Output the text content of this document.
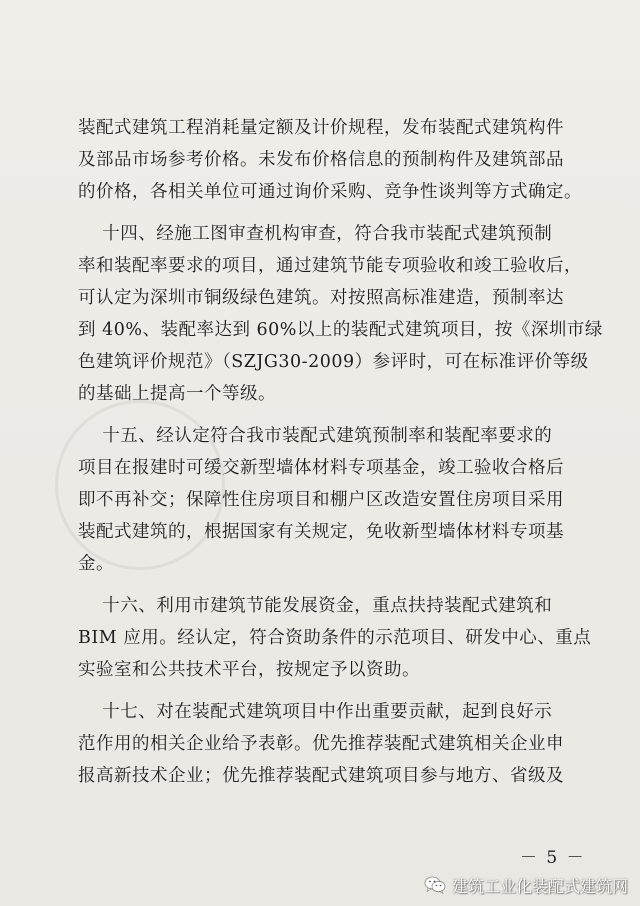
装配式建筑工程消耗量定额及计价规程，发布装配式建筑构件
及部品市场参考价格。未发布价格信息的预制构件及建筑部品
的价格，各相关单位可通过询价采购、竞争性谈判等方式确定。
十四、经施工图审查机构审查，符合我市装配式建筑预制
率和装配率要求的项目，通过建筑节能专项验收和竣工验收后，
可认定为深圳市铜级绿色建筑。对按照高标准建造，预制率达
到 40%、装配率达到 60%以上的装配式建筑项目，按《深圳市绿
色建筑评价规范》（SZJG30-2009）参评时，可在标准评价等级
的基础上提高一个等级。
十五、经认定符合我市装配式建筑预制率和装配率要求的
项目在报建时可缓交新型墙体材料专项基金，竣工验收合格后
即不再补交；保障性住房项目和棚户区改造安置住房项目采用
装配式建筑的，根据国家有关规定，免收新型墙体材料专项基
金。
十六、利用市建筑节能发展资金，重点扶持装配式建筑和
BIM 应用。经认定，符合资助条件的示范项目、研发中心、重点
实验室和公共技术平台，按规定予以资助。
十七、对在装配式建筑项目中作出重要贡献，起到良好示
范作用的相关企业给予表彰。优先推荐装配式建筑相关企业申
报高新技术企业；优先推荐装配式建筑项目参与地方、省级及
－ 5 －
建筑工业化装配式建筑网
